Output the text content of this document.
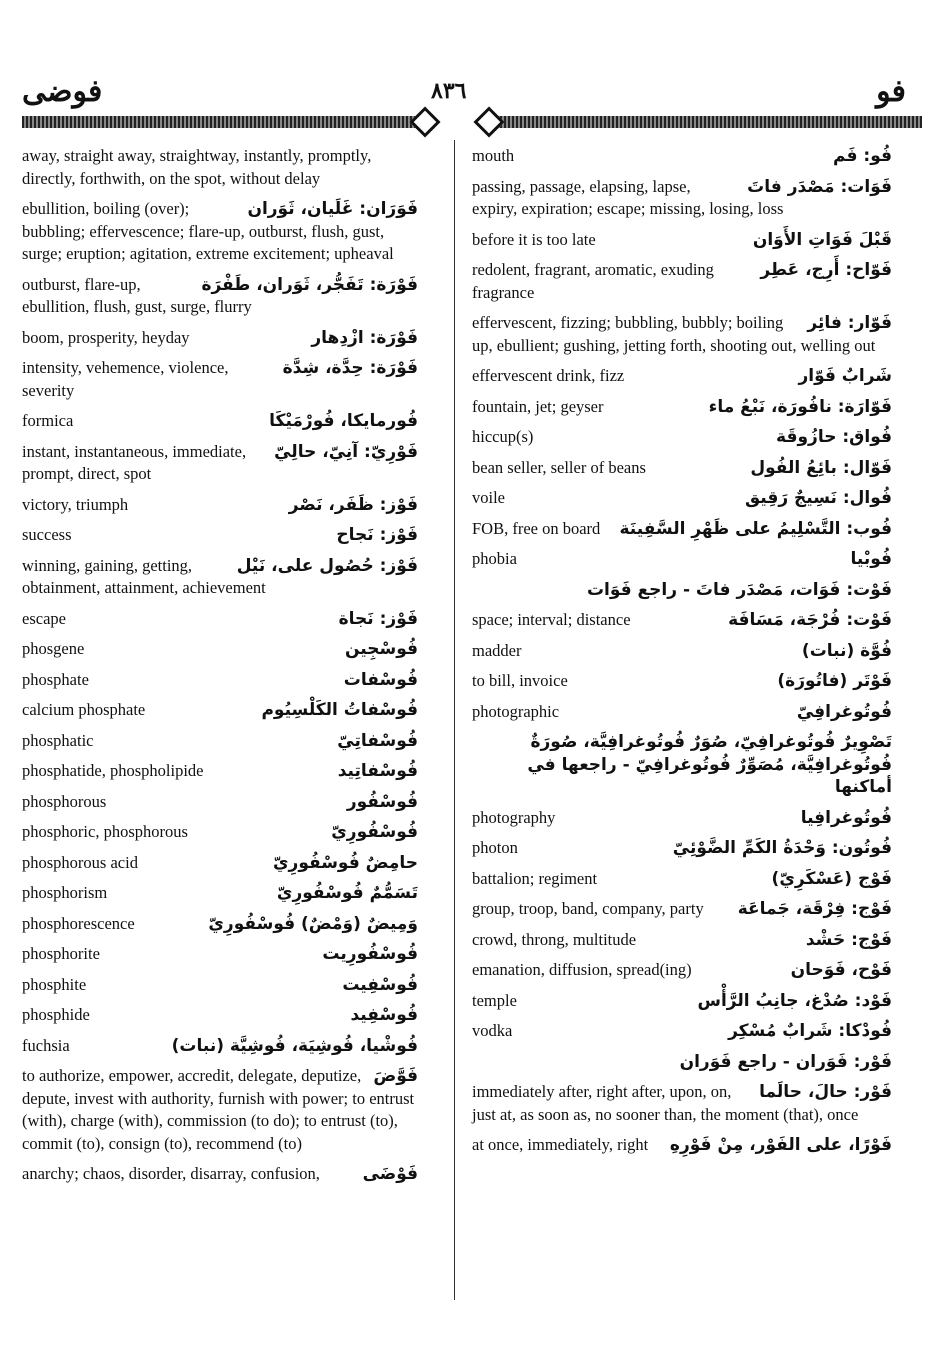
فوضى	٨٣٦	فو
away, straight away, straightway, instantly, promptly, directly, forthwith, on the spot, without delay
فَوَرَان: غَلَيان، ثَوَران
ebullition, boiling (over); bubbling; effervescence; flare-up, outburst, flush, gust, surge; eruption; agitation, extreme excitement; upheaval
فَوْرَة: تَفَجُّر، ثَوَران، طَفْرَة
outburst, flare-up, ebullition, flush, gust, surge, flurry
فَوْرَة: ازْدِهار
boom, prosperity, heyday
فَوْرَة: حِدَّة، شِدَّة
intensity, vehemence, violence, severity
فُورمايكا، فُورْمَيْكَا
formica
فَوْرِيّ: آنِيّ، حالِيّ
instant, instantaneous, immediate, prompt, direct, spot
فَوْز: ظَفَر، نَصْر
victory, triumph
فَوْز: نَجاح
success
فَوْز: حُصُول على، نَيْل
winning, gaining, getting, obtainment, attainment, achievement
فَوْز: نَجاة
escape
فُوسْجِين
phosgene
فُوسْفات
phosphate
فُوسْفاتُ الكَلْسِيُوم
calcium phosphate
فُوسْفاتِيّ
phosphatic
فُوسْفاتِيد
phosphatide, phospholipide
فُوسْفُور
phosphorous
فُوسْفُورِيّ
phosphoric, phosphorous
حامِضٌ فُوسْفُورِيّ
phosphorous acid
تَسَمُّمٌ فُوسْفُورِيّ
phosphorism
وَمِيضٌ (وَمْضٌ) فُوسْفُورِيّ
phosphorescence
فُوسْفُورِيت
phosphorite
فُوسْفِيت
phosphite
فُوسْفِيد
phosphide
فُوشْيا، فُوشِيَة، فُوشِيَّة (نبات)
fuchsia
فَوَّضَ
to authorize, empower, accredit, delegate, deputize, depute, invest with authority, furnish with power; to entrust (with), charge (with), commission (to do); to entrust (to), commit (to), consign (to), recommend (to)
فَوْضَى
anarchy; chaos, disorder, disarray, confusion,
فُو: فَم
mouth
فَوَات: مَصْدَر فاتَ
passing, passage, elapsing, lapse, expiry, expiration; escape; missing, losing, loss
قَبْلَ فَوَاتِ الأَوَان
before it is too late
فَوّاح: أَرِج، عَطِر
redolent, fragrant, aromatic, exuding fragrance
فَوّار: فائِر
effervescent, fizzing; bubbling, bubbly; boiling up, ebullient; gushing, jetting forth, shooting out, welling out
شَرابٌ فَوّار
effervescent drink, fizz
فَوّارَة: نافُورَة، نَبْعُ ماء
fountain, jet; geyser
فُواق: حازُوقَة
hiccup(s)
فَوّال: بائِعُ الفُول
bean seller, seller of beans
فُوال: نَسِيجٌ رَقِيق
voile
فُوب: التَّسْلِيمُ على ظَهْرِ السَّفِينَة
FOB, free on board
فُوبْيا
phobia
فَوْت: فَوَات، مَصْدَر فاتَ - راجع فَوَات
فَوْت: فُرْجَة، مَسَافَة
space; interval; distance
فُوَّة (نبات)
madder
فَوْتَر (فاتُورَة)
to bill, invoice
فُوتُوغرافِيّ
photographic
تَصْوِيرٌ فُوتُوغرافِيّ، صُوَرٌ فُوتُوغرافِيَّة، صُورَةٌ فُوتُوغرافِيَّة، مُصَوِّرٌ فُوتُوغرافِيّ - راجعها في أماكنها
فُوتُوغرافِيا
photography
فُوتُون: وَحْدَةُ الكَمِّ الضَّوْئِيّ
photon
فَوْج (عَسْكَرِيّ)
battalion; regiment
فَوْج: فِرْقَة، جَماعَة
group, troop, band, company, party
فَوْج: حَشْد
crowd, throng, multitude
فَوْح، فَوَحان
emanation, diffusion, spread(ing)
فَوْد: صُدْغ، جانِبُ الرَّأْس
temple
فُودْكا: شَرابٌ مُسْكِر
vodka
فَوْر: فَوَران - راجع فَوَران
فَوْر: حالَ، حالَما
immediately after, right after, upon, on, just at, as soon as, no sooner than, the moment (that), once
فَوْرًا، على الفَوْر، مِنْ فَوْرِهِ
at once, immediately, right
